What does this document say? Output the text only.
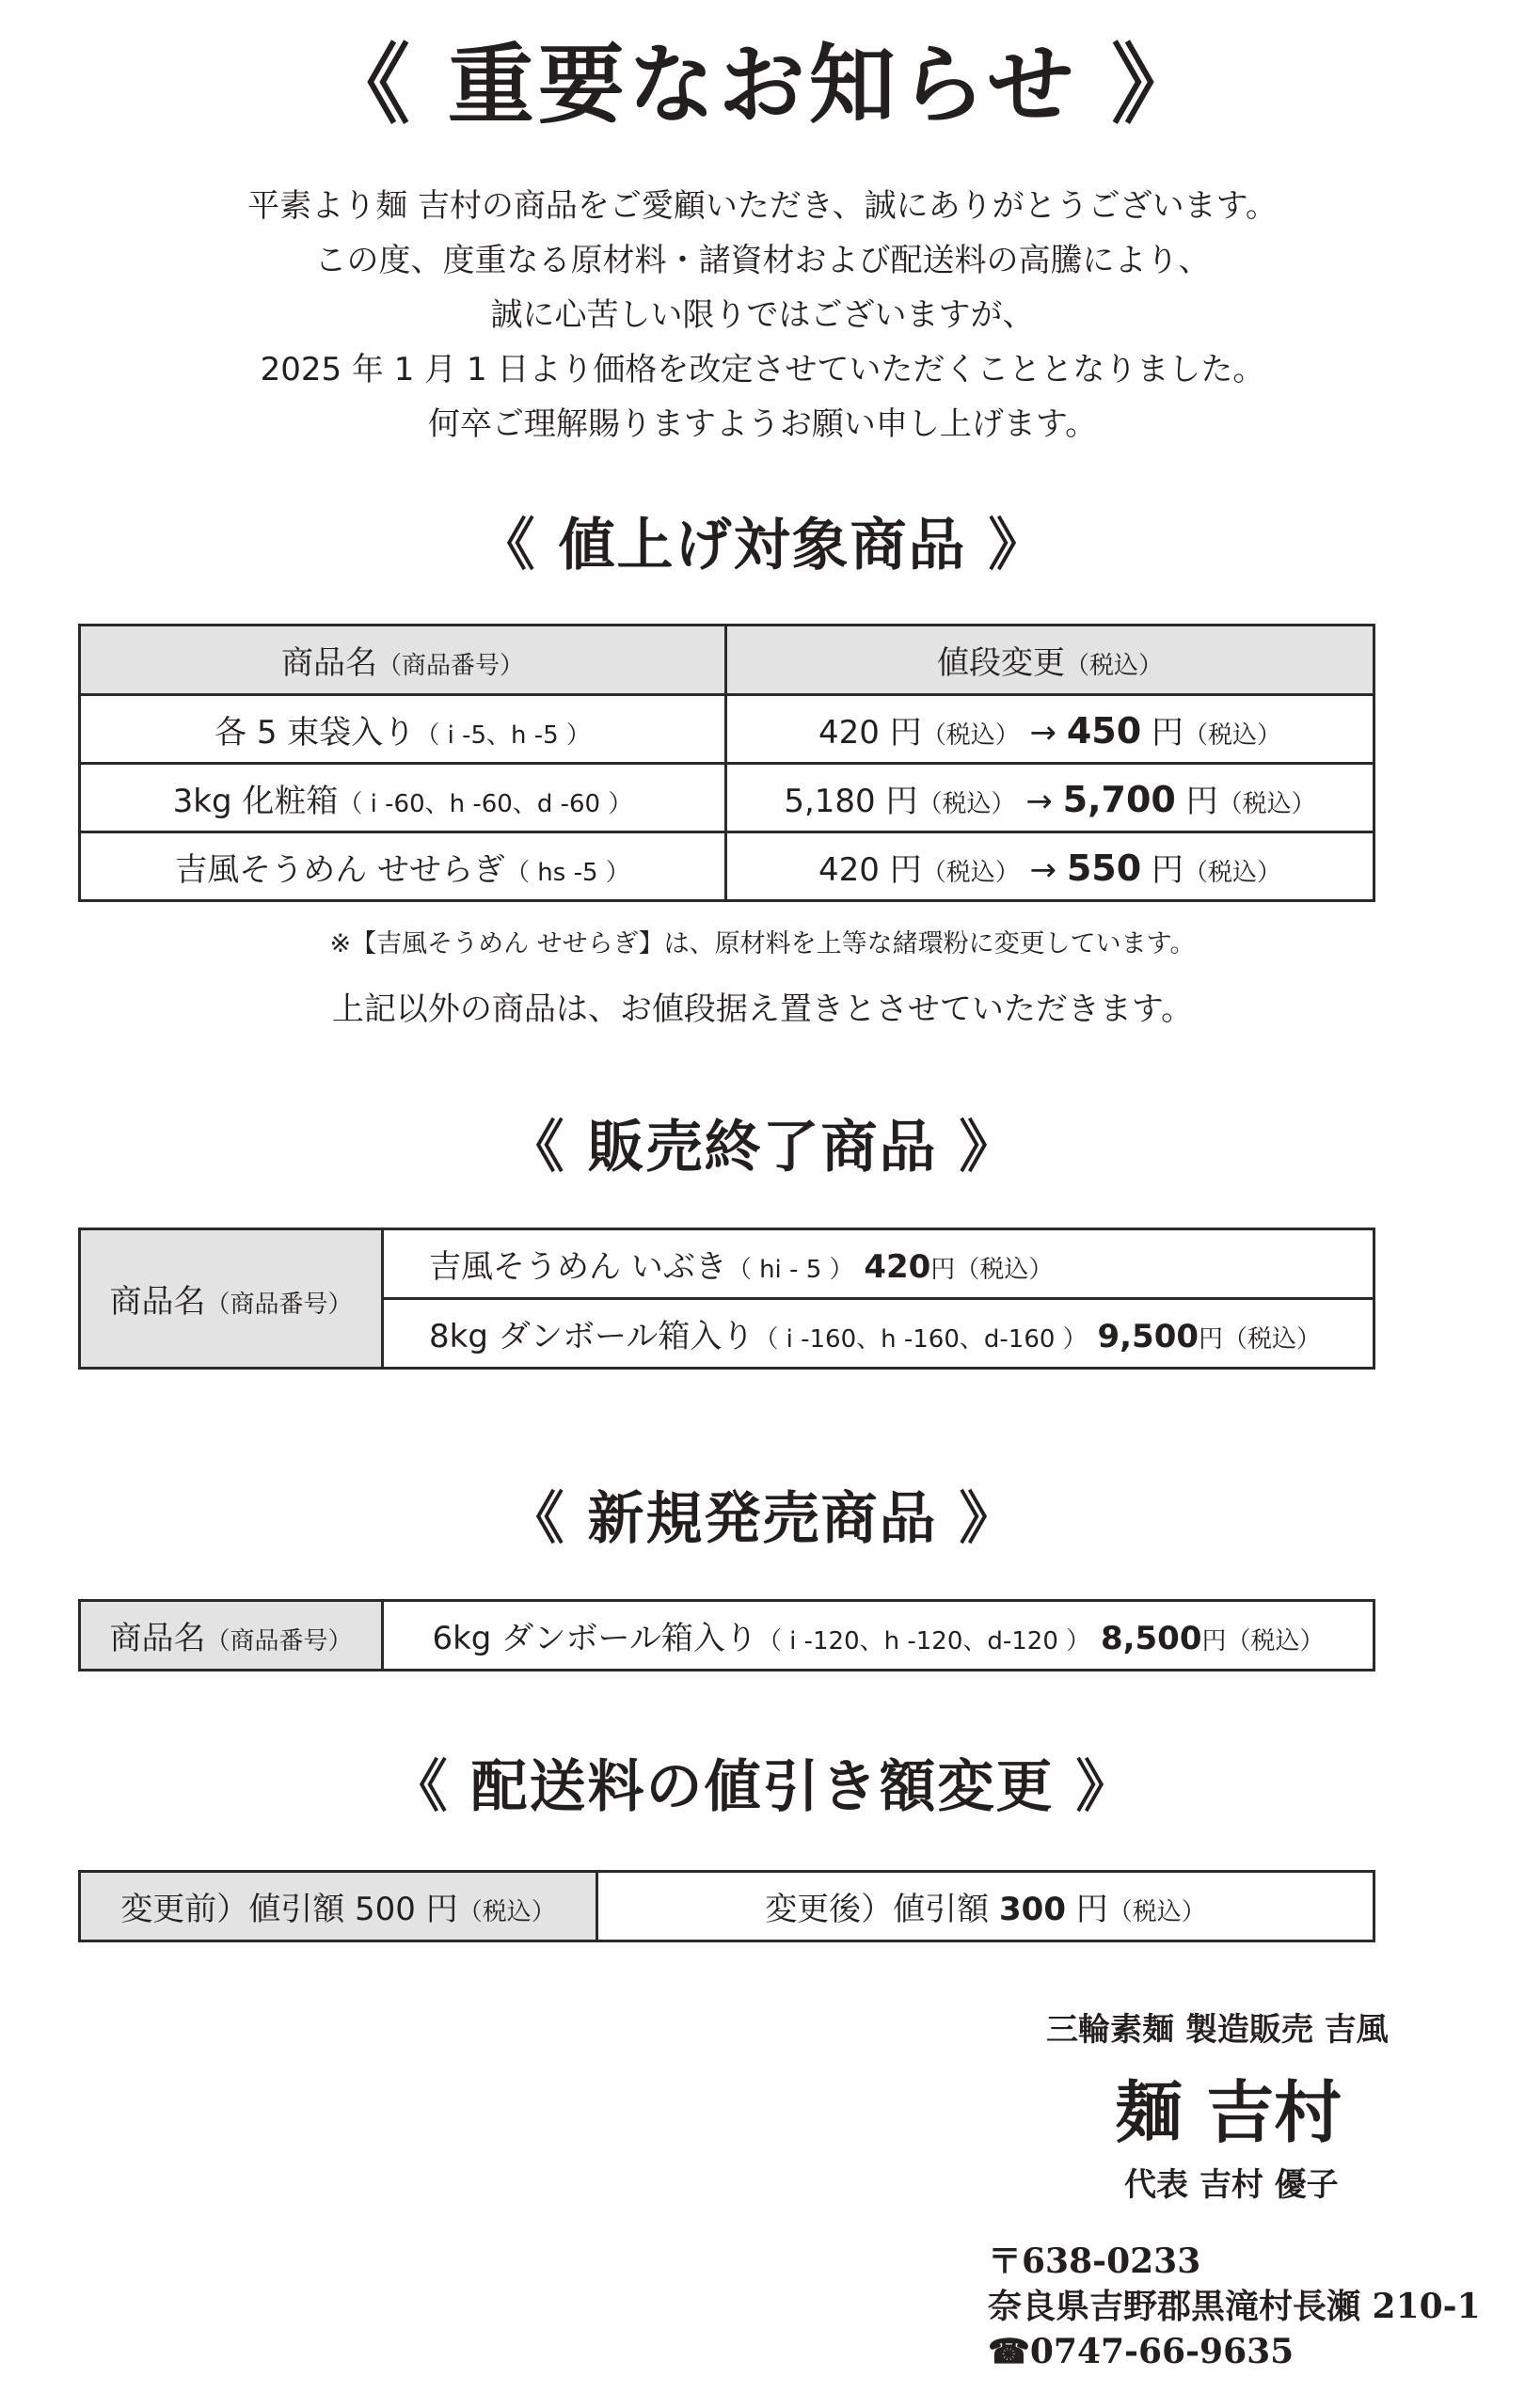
《 重要なお知らせ 》
平素より麺 吉村の商品をご愛顧いただき、誠にありがとうございます。
この度、度重なる原材料・諸資材および配送料の高騰により、
誠に心苦しい限りではございますが、
2025 年 1 月 1 日より価格を改定させていただくこととなりました。
何卒ご理解賜りますようお願い申し上げます。
《 値上げ対象商品 》
商品名（商品番号）	値段変更（税込）
各 5 束袋入り（ i -5、h -5 ）	420 円（税込） → 450 円（税込）
3kg 化粧箱（ i -60、h -60、d -60 ）	5,180 円（税込） → 5,700 円（税込）
吉風そうめん せせらぎ（ hs -5 ）	420 円（税込） → 550 円（税込）
※【吉風そうめん せせらぎ】は、原材料を上等な緒環粉に変更しています。
上記以外の商品は、お値段据え置きとさせていただきます。
《 販売終了商品 》
商品名（商品番号）	吉風そうめん いぶき（ hi - 5 ） 420円（税込）
8kg ダンボール箱入り（ i -160、h -160、d-160 ） 9,500円（税込）
《 新規発売商品 》
商品名（商品番号）	6kg ダンボール箱入り（ i -120、h -120、d-120 ） 8,500円（税込）
《 配送料の値引き額変更 》
変更前）値引額 500 円（税込）	変更後）値引額 300 円（税込）
三輪素麺 製造販売 吉風
麺 吉村
代表 吉村 優子
〒638-0233
奈良県吉野郡黒滝村長瀬 210-1
☎0747-66-9635
